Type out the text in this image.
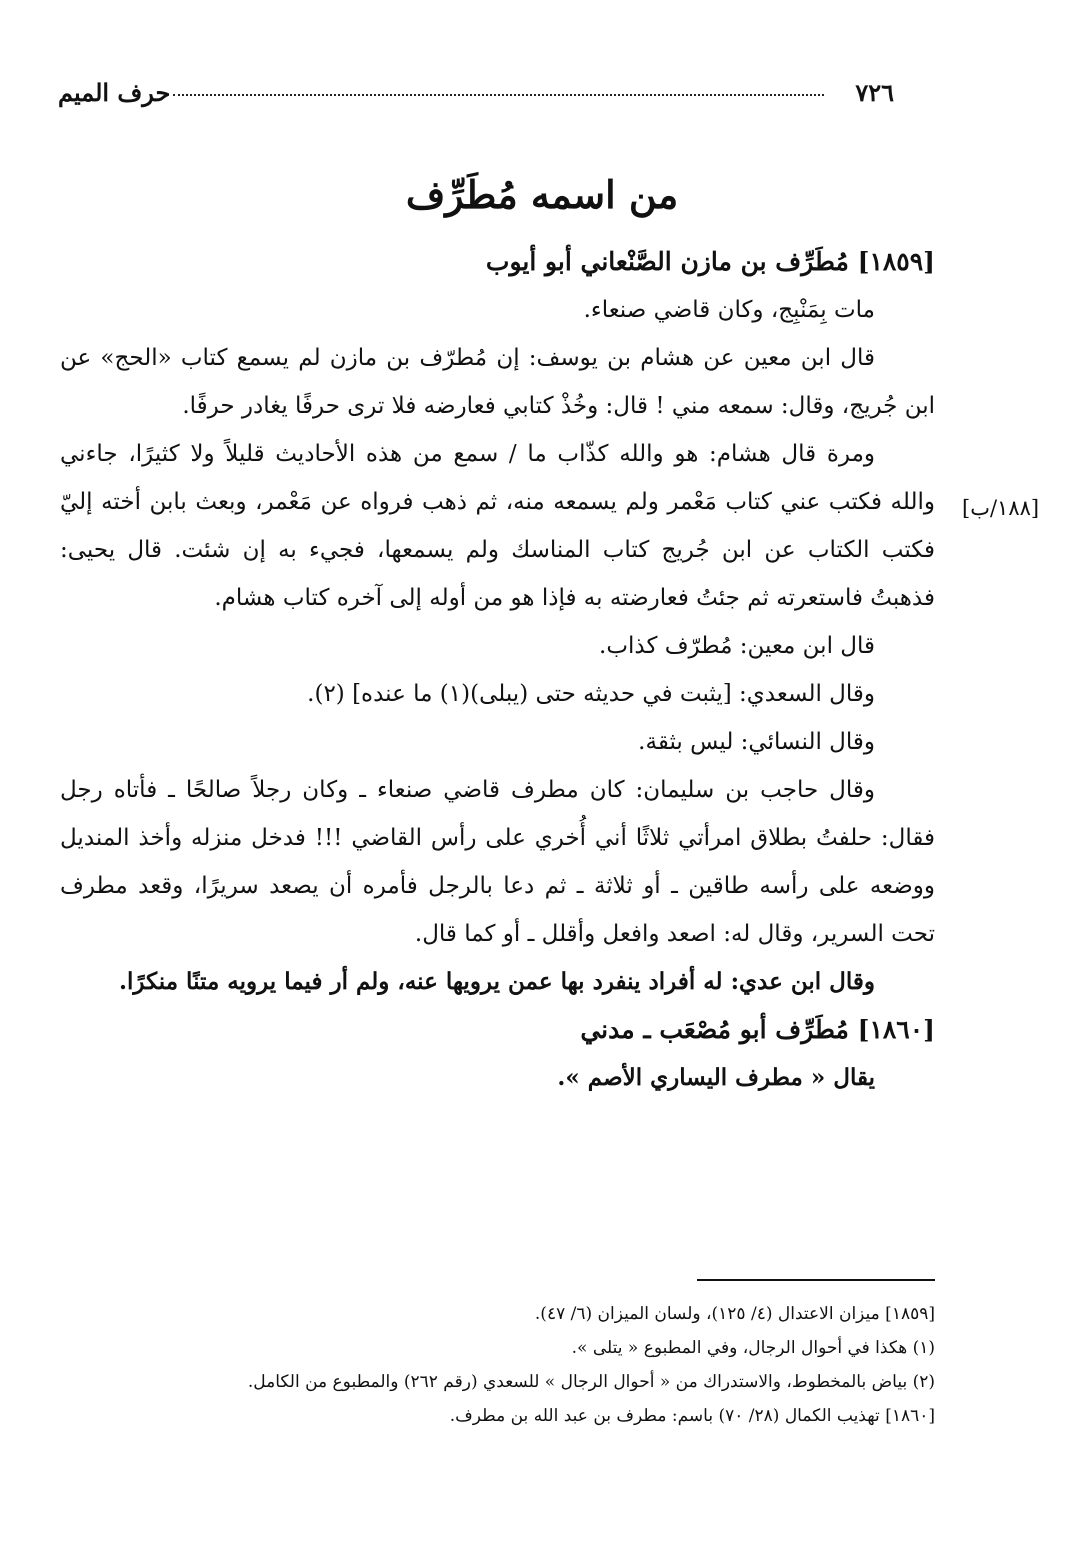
حرف الميم	٧٢٦
من اسمه مُطَرِّف
[١٨٨/ب]

[١٨٥٩] مُطَرِّف بن مازن الصَّنْعاني أبو أيوب

مات بِمَنْبِج، وكان قاضي صنعاء.

قال ابن معين عن هشام بن يوسف: إن مُطرّف بن مازن لم يسمع كتاب «الحج» عن ابن جُريج، وقال: سمعه مني ! قال: وخُذْ كتابي فعارضه فلا ترى حرفًا يغادر حرفًا.

ومرة قال هشام: هو والله كذّاب ما / سمع من هذه الأحاديث قليلاً ولا كثيرًا، جاءني والله فكتب عني كتاب مَعْمر ولم يسمعه منه، ثم ذهب فرواه عن مَعْمر، وبعث بابن أخته إليّ فكتب الكتاب عن ابن جُريج كتاب المناسك ولم يسمعها، فجيء به إن شئت. قال يحيى: فذهبتُ فاستعرته ثم جئتُ فعارضته به فإذا هو من أوله إلى آخره كتاب هشام.

قال ابن معين: مُطرّف كذاب.

وقال السعدي: [يثبت في حديثه حتى (يبلى)(١) ما عنده] (٢).

وقال النسائي: ليس بثقة.

وقال حاجب بن سليمان: كان مطرف قاضي صنعاء ـ وكان رجلاً صالحًا ـ فأتاه رجل فقال: حلفتُ بطلاق امرأتي ثلاثًا أني أُخري على رأس القاضي !!! فدخل منزله وأخذ المنديل ووضعه على رأسه طاقين ـ أو ثلاثة ـ ثم دعا بالرجل فأمره أن يصعد سريرًا، وقعد مطرف تحت السرير، وقال له: اصعد وافعل وأقلل ـ أو كما قال.

وقال ابن عدي: له أفراد ينفرد بها عمن يرويها عنه، ولم أر فيما يرويه متنًا منكرًا.

[١٨٦٠] مُطَرِّف أبو مُصْعَب ـ مدني

يقال « مطرف اليساري الأصم ».

[١٨٥٩] ميزان الاعتدال (٤/ ١٢٥)، ولسان الميزان (٦/ ٤٧).

(١) هكذا في أحوال الرجال، وفي المطبوع « يتلى ».

(٢) بياض بالمخطوط، والاستدراك من « أحوال الرجال » للسعدي (رقم ٢٦٢) والمطبوع من الكامل.

[١٨٦٠] تهذيب الكمال (٢٨/ ٧٠) باسم: مطرف بن عبد الله بن مطرف.
